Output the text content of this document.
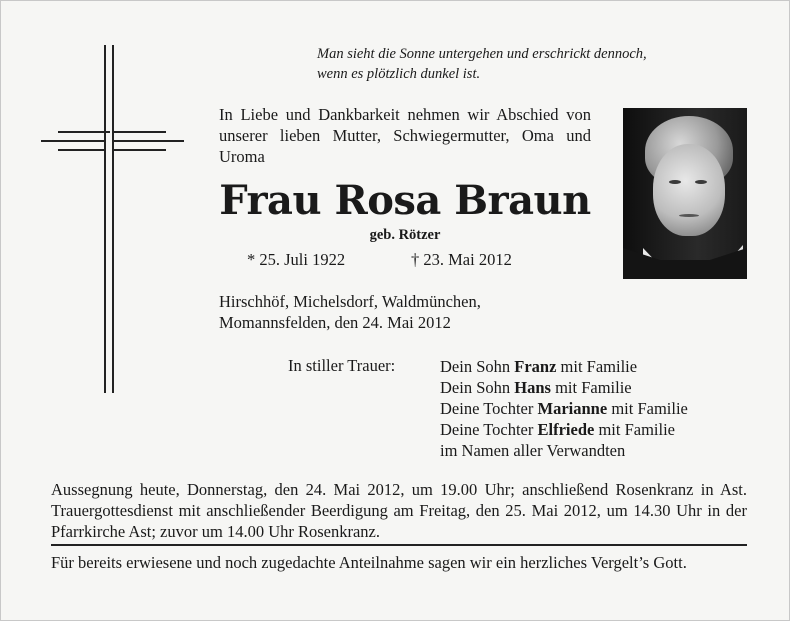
Man sieht die Sonne untergehen und erschrickt dennoch,
wenn es plötzlich dunkel ist.
In Liebe und Dankbarkeit nehmen wir Abschied von unserer lieben Mutter, Schwiegermutter, Oma und Uroma
Frau Rosa Braun
geb. Rötzer
* 25. Juli 1922	† 23. Mai 2012
Hirschhöf, Michelsdorf, Waldmünchen,
Momannsfelden, den 24. Mai 2012
In stiller Trauer:	Dein Sohn Franz mit Familie
Dein Sohn Hans mit Familie
Deine Tochter Marianne mit Familie
Deine Tochter Elfriede mit Familie
im Namen aller Verwandten
Aussegnung heute, Donnerstag, den 24. Mai 2012, um 19.00 Uhr; anschließend Rosenkranz in Ast. Trauergottesdienst mit anschließender Beerdigung am Freitag, den 25. Mai 2012, um 14.30 Uhr in der Pfarrkirche Ast; zuvor um 14.00 Uhr Rosenkranz.
Für bereits erwiesene und noch zugedachte Anteilnahme sagen wir ein herzliches Vergelt’s Gott.
